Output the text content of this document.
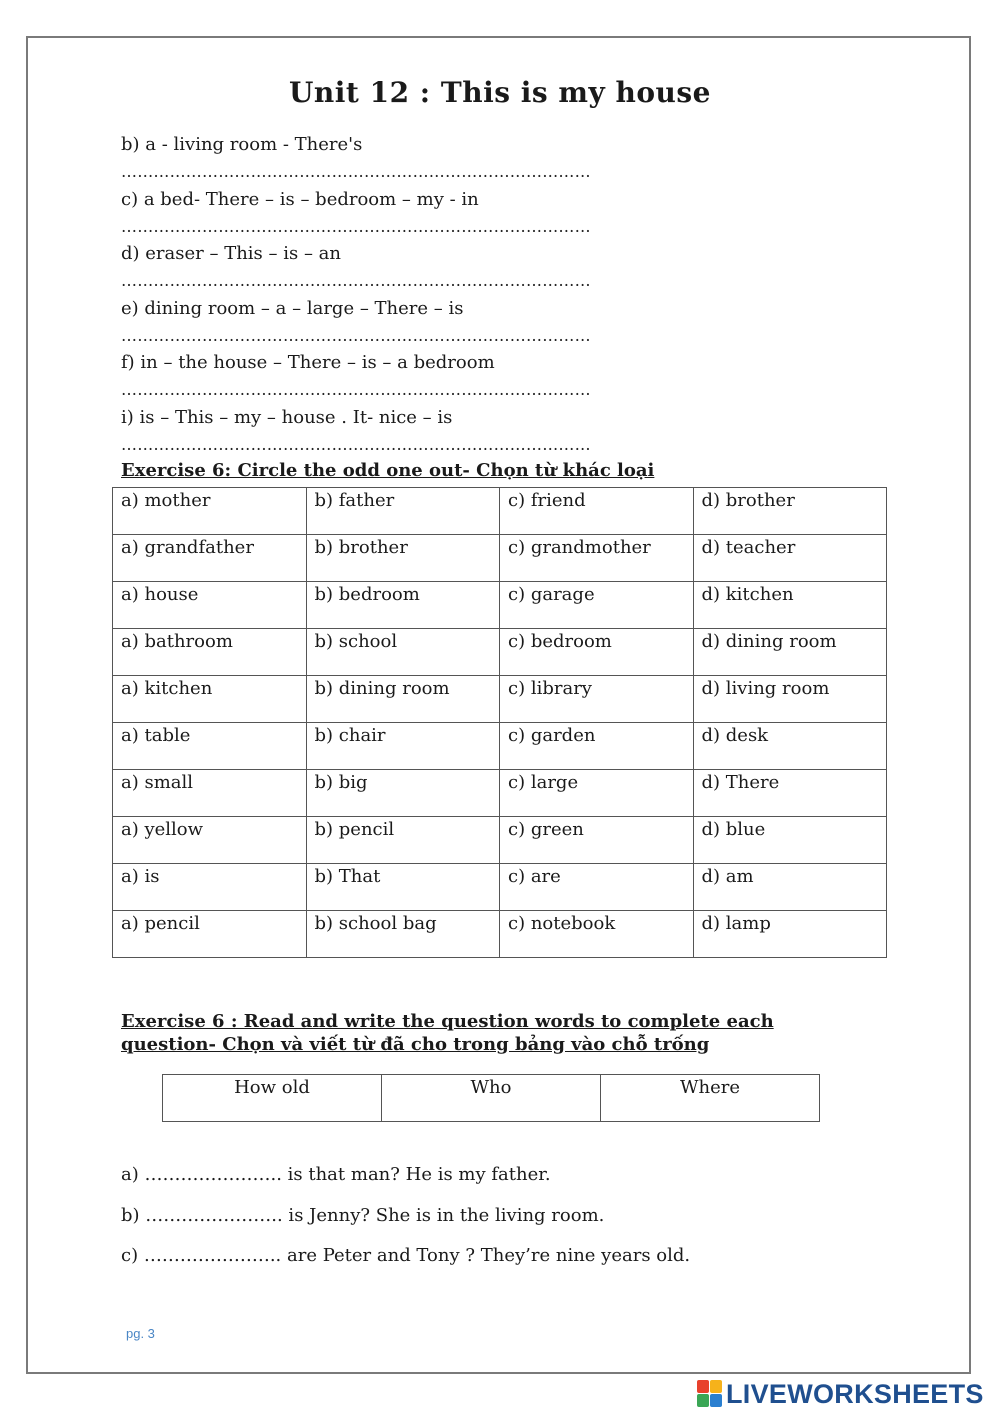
Unit 12 : This is my house
b) a - living room - There's
……………………………………………………………………………
c) a bed- There – is – bedroom – my - in
……………………………………………………………………………
d) eraser – This – is – an
……………………………………………………………………………
e) dining room – a – large – There – is
……………………………………………………………………………
f) in – the house – There – is – a bedroom
……………………………………………………………………………
i) is – This – my – house . It- nice – is
……………………………………………………………………………
Exercise 6: Circle the odd one out- Chọn từ khác loại
a) mother	b) father	c) friend	d) brother
a) grandfather	b) brother	c) grandmother	d) teacher
a) house	b) bedroom	c) garage	d) kitchen
a) bathroom	b) school	c) bedroom	d) dining room
a) kitchen	b) dining room	c) library	d) living room
a) table	b) chair	c) garden	d) desk
a) small	b) big	c) large	d) There
a) yellow	b) pencil	c) green	d) blue
a) is	b) That	c) are	d) am
a) pencil	b) school bag	c) notebook	d) lamp
Exercise 6 : Read and write the question words to complete each
question- Chọn và viết từ đã cho trong bảng vào chỗ trống
How old	Who	Where
a) ………………….. is that man? He is my father.
b) ………………….. is Jenny? She is in the living room.
c) ………………….. are Peter and Tony ? They’re nine years old.
pg. 3
LIVEWORKSHEETS
